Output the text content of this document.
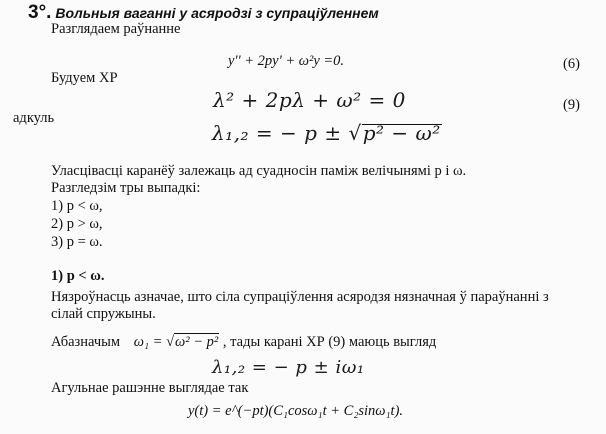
3°. Вольныя ваганні у асяродзі з супраціўленнем
Разглядаем раўнанне
y'' + 2py' + ω²y =0.	(6)
Будуем ХР
λ² + 2pλ + ω² = 0	(9)
адкуль
λ₁,₂ = − p ± √p² − ω²
Уласцівасці каранёў залежаць ад суадносін паміж велічынямі p і ω.
Разгледзім тры выпадкі:
1) p < ω,
2) p > ω,
3) p = ω.
1) p < ω.
Нязроўнасць азначае, што сіла супраціўлення асяродзя нязначная ў параўнанні з
сілай спружыны.
Абазначым ω₁ = √ω² − p² , тады карані ХР (9) маюць выгляд
λ₁,₂ = − p ± iω₁
Агульнае рашэнне выглядае так
y(t) = e^(−pt)(C₁cosω₁t + C₂sinω₁t).
